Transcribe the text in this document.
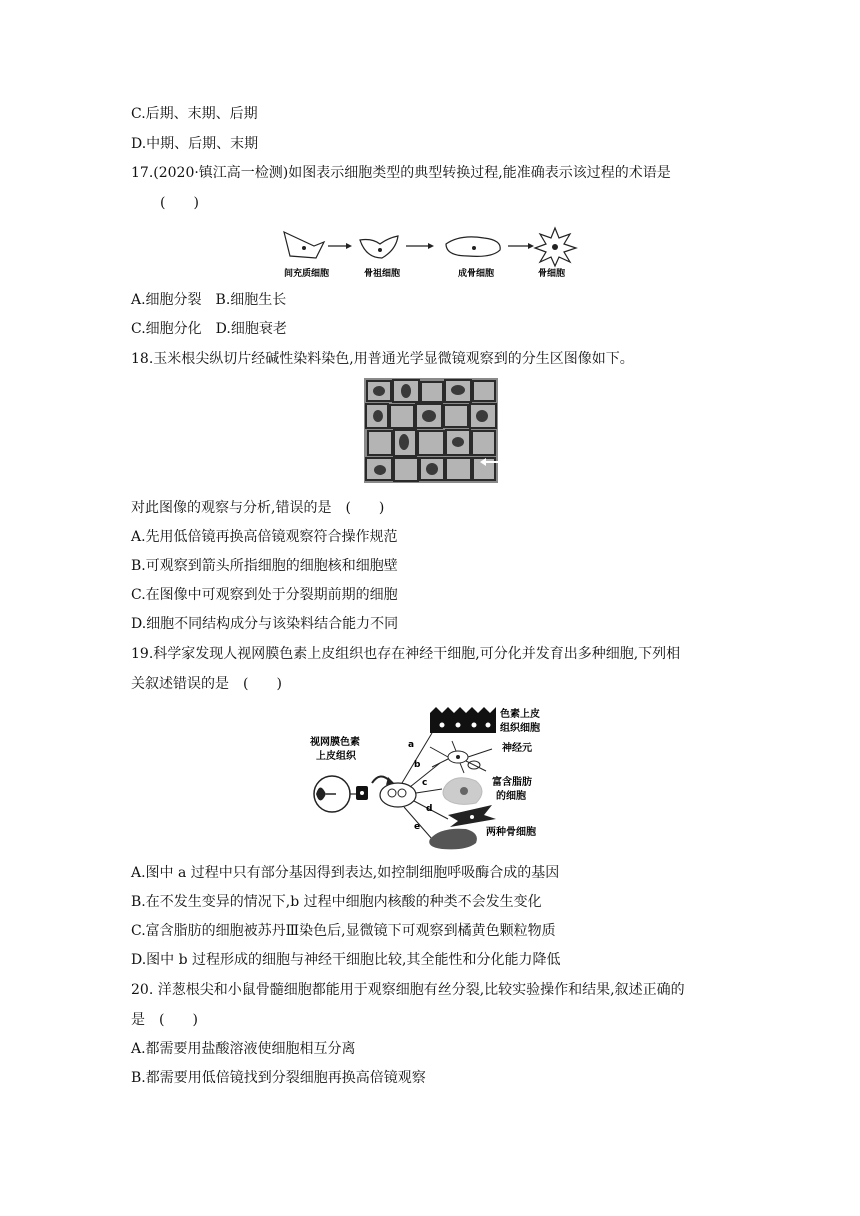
C.后期、末期、后期
D.中期、后期、末期
17.(2020·镇江高一检测)如图表示细胞类型的典型转换过程,能准确表示该过程的术语是
(　　)
间充质细胞	骨祖细胞	成骨细胞	骨细胞
A.细胞分裂　B.细胞生长
C.细胞分化　D.细胞衰老
18.玉米根尖纵切片经碱性染料染色,用普通光学显微镜观察到的分生区图像如下。
对此图像的观察与分析,错误的是　(　　)
A.先用低倍镜再换高倍镜观察符合操作规范
B.可观察到箭头所指细胞的细胞核和细胞壁
C.在图像中可观察到处于分裂期前期的细胞
D.细胞不同结构成分与该染料结合能力不同
19.科学家发现人视网膜色素上皮组织也存在神经干细胞,可分化并发育出多种细胞,下列相
关叙述错误的是　(　　)
a
b
c
d
e
视网膜色素
上皮组织
色素上皮
组织细胞
神经元
富含脂肪
的细胞
两种骨细胞
A.图中 a 过程中只有部分基因得到表达,如控制细胞呼吸酶合成的基因
B.在不发生变异的情况下,b 过程中细胞内核酸的种类不会发生变化
C.富含脂肪的细胞被苏丹Ⅲ染色后,显微镜下可观察到橘黄色颗粒物质
D.图中 b 过程形成的细胞与神经干细胞比较,其全能性和分化能力降低
20. 洋葱根尖和小鼠骨髓细胞都能用于观察细胞有丝分裂,比较实验操作和结果,叙述正确的
是　(　　)
A.都需要用盐酸溶液使细胞相互分离
B.都需要用低倍镜找到分裂细胞再换高倍镜观察
